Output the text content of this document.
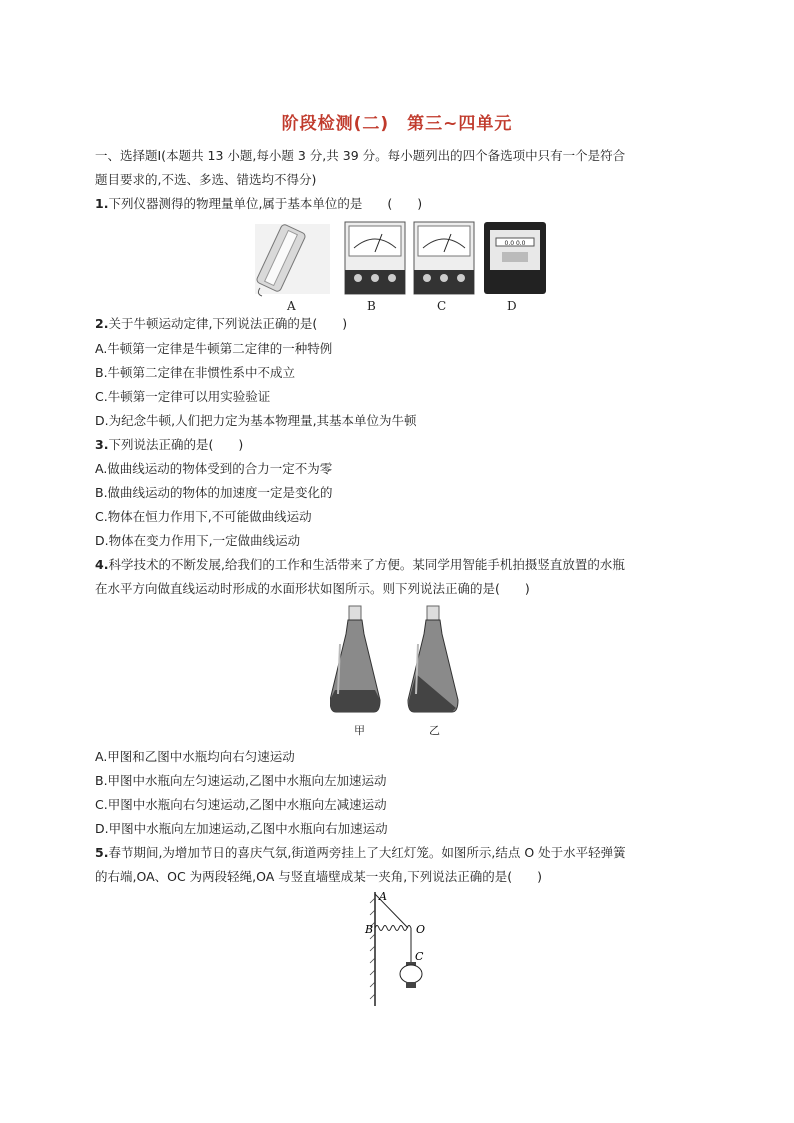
阶段检测(二)　第三~四单元
一、选择题Ⅰ(本题共 13 小题,每小题 3 分,共 39 分。每小题列出的四个备选项中只有一个是符合
题目要求的,不选、多选、错选均不得分)
1.下列仪器测得的物理量单位,属于基本单位的是　　(　　)
0.0 0.0
A	B	C	D
2.关于牛顿运动定律,下列说法正确的是(　　)
A.牛顿第一定律是牛顿第二定律的一种特例
B.牛顿第二定律在非惯性系中不成立
C.牛顿第一定律可以用实验验证
D.为纪念牛顿,人们把力定为基本物理量,其基本单位为牛顿
3.下列说法正确的是(　　)
A.做曲线运动的物体受到的合力一定不为零
B.做曲线运动的物体的加速度一定是变化的
C.物体在恒力作用下,不可能做曲线运动
D.物体在变力作用下,一定做曲线运动
4.科学技术的不断发展,给我们的工作和生活带来了方便。某同学用智能手机拍摄竖直放置的水瓶
在水平方向做直线运动时形成的水面形状如图所示。则下列说法正确的是(　　)
甲	乙
A.甲图和乙图中水瓶均向右匀速运动
B.甲图中水瓶向左匀速运动,乙图中水瓶向左加速运动
C.甲图中水瓶向右匀速运动,乙图中水瓶向左减速运动
D.甲图中水瓶向左加速运动,乙图中水瓶向右加速运动
5.春节期间,为增加节日的喜庆气氛,街道两旁挂上了大红灯笼。如图所示,结点 O 处于水平轻弹簧
的右端,OA、OC 为两段轻绳,OA 与竖直墙壁成某一夹角,下列说法正确的是(　　)
A
B	O
C
